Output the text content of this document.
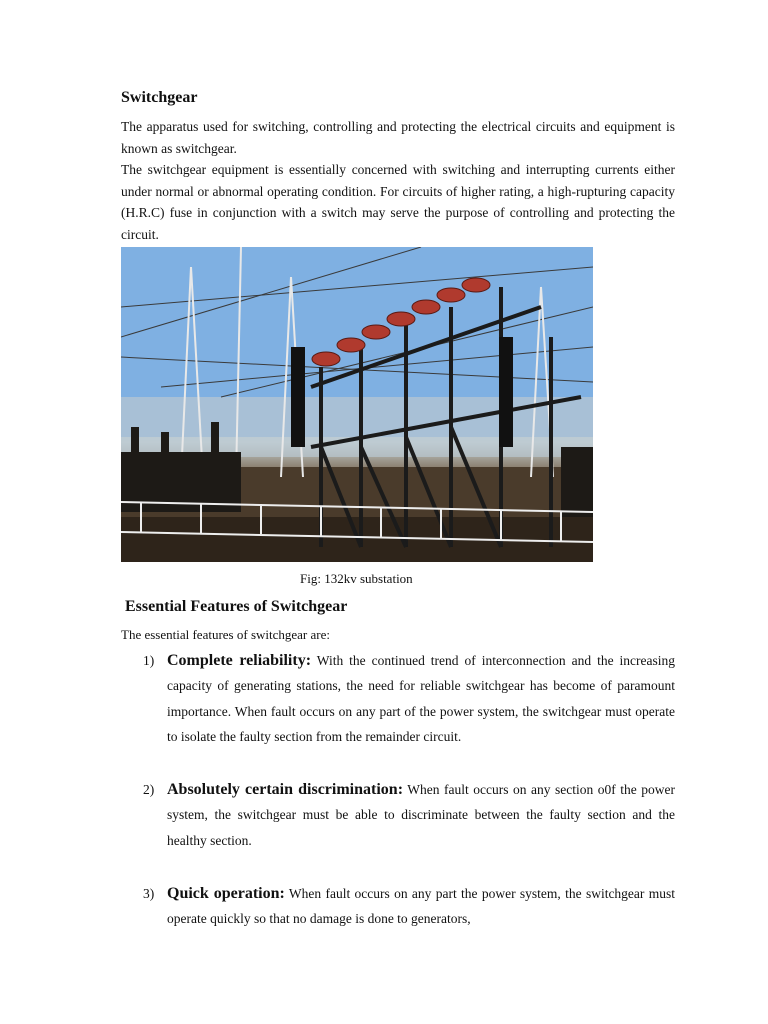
Switchgear

The apparatus used for switching, controlling and protecting the electrical circuits and equipment is known as switchgear.

The switchgear equipment is essentially concerned with switching and interrupting currents either under normal or abnormal operating condition. For circuits of higher rating, a high-rupturing capacity (H.R.C) fuse in conjunction with a switch may serve the purpose of controlling and protecting the circuit.

Fig: 132kv substation

Essential Features of Switchgear

The essential features of switchgear are:

1) Complete reliability: With the continued trend of interconnection and the increasing capacity of generating stations, the need for reliable switchgear has become of paramount importance. When fault occurs on any part of the power system, the switchgear must operate to isolate the faulty section from the remainder circuit.

2) Absolutely certain discrimination: When fault occurs on any section o0f the power system, the switchgear must be able to discriminate between the faulty section and the healthy section.

3) Quick operation: When fault occurs on any part the power system, the switchgear must operate quickly so that no damage is done to generators,
